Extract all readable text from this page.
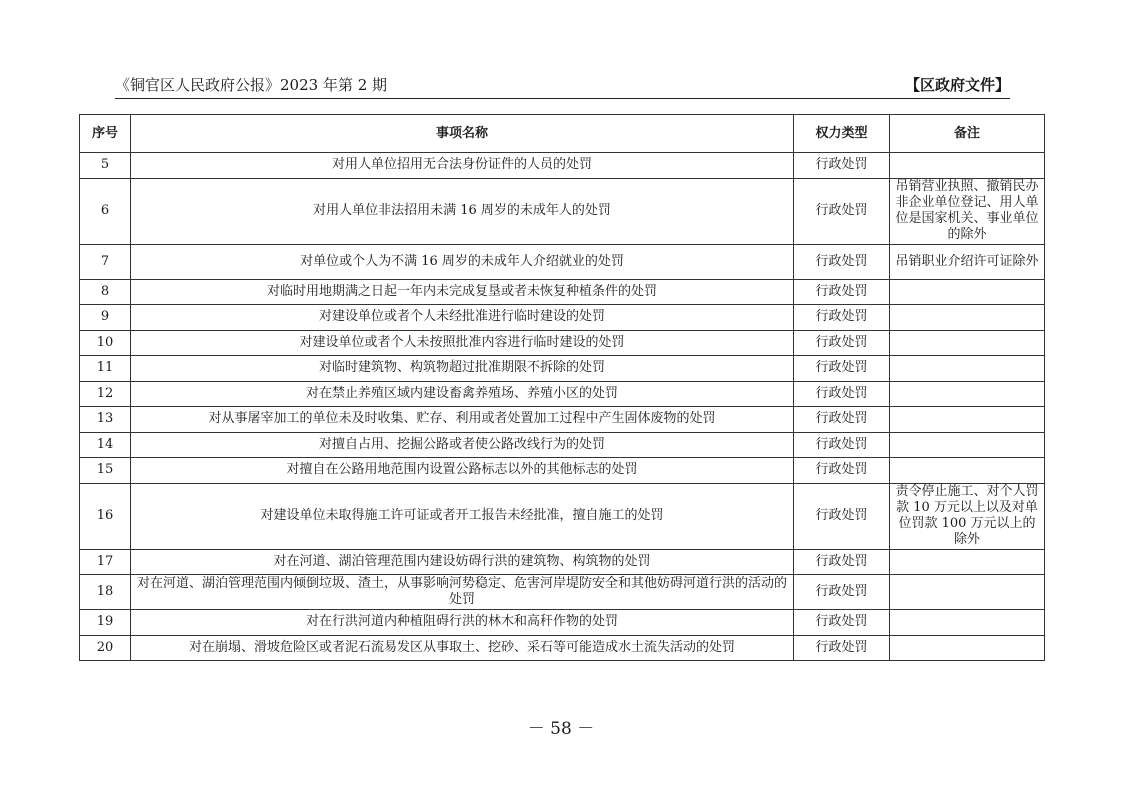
《铜官区人民政府公报》2023 年第 2 期	【区政府文件】
序号	事项名称	权力类型	备注
5	对用人单位招用无合法身份证件的人员的处罚	行政处罚	
6	对用人单位非法招用未满 16 周岁的未成年人的处罚	行政处罚	吊销营业执照、撤销民办非企业单位登记、用人单位是国家机关、事业单位的除外
7	对单位或个人为不满 16 周岁的未成年人介绍就业的处罚	行政处罚	吊销职业介绍许可证除外
8	对临时用地期满之日起一年内未完成复垦或者未恢复种植条件的处罚	行政处罚	
9	对建设单位或者个人未经批准进行临时建设的处罚	行政处罚	
10	对建设单位或者个人未按照批准内容进行临时建设的处罚	行政处罚	
11	对临时建筑物、构筑物超过批准期限不拆除的处罚	行政处罚	
12	对在禁止养殖区域内建设畜禽养殖场、养殖小区的处罚	行政处罚	
13	对从事屠宰加工的单位未及时收集、贮存、利用或者处置加工过程中产生固体废物的处罚	行政处罚	
14	对擅自占用、挖掘公路或者使公路改线行为的处罚	行政处罚	
15	对擅自在公路用地范围内设置公路标志以外的其他标志的处罚	行政处罚	
16	对建设单位未取得施工许可证或者开工报告未经批准，擅自施工的处罚	行政处罚	责令停止施工、对个人罚款 10 万元以上以及对单位罚款 100 万元以上的除外
17	对在河道、湖泊管理范围内建设妨碍行洪的建筑物、构筑物的处罚	行政处罚	
18	对在河道、湖泊管理范围内倾倒垃圾、渣土，从事影响河势稳定、危害河岸堤防安全和其他妨碍河道行洪的活动的处罚	行政处罚	
19	对在行洪河道内种植阻碍行洪的林木和高秆作物的处罚	行政处罚	
20	对在崩塌、滑坡危险区或者泥石流易发区从事取土、挖砂、采石等可能造成水土流失活动的处罚	行政处罚	
－ 58 －
